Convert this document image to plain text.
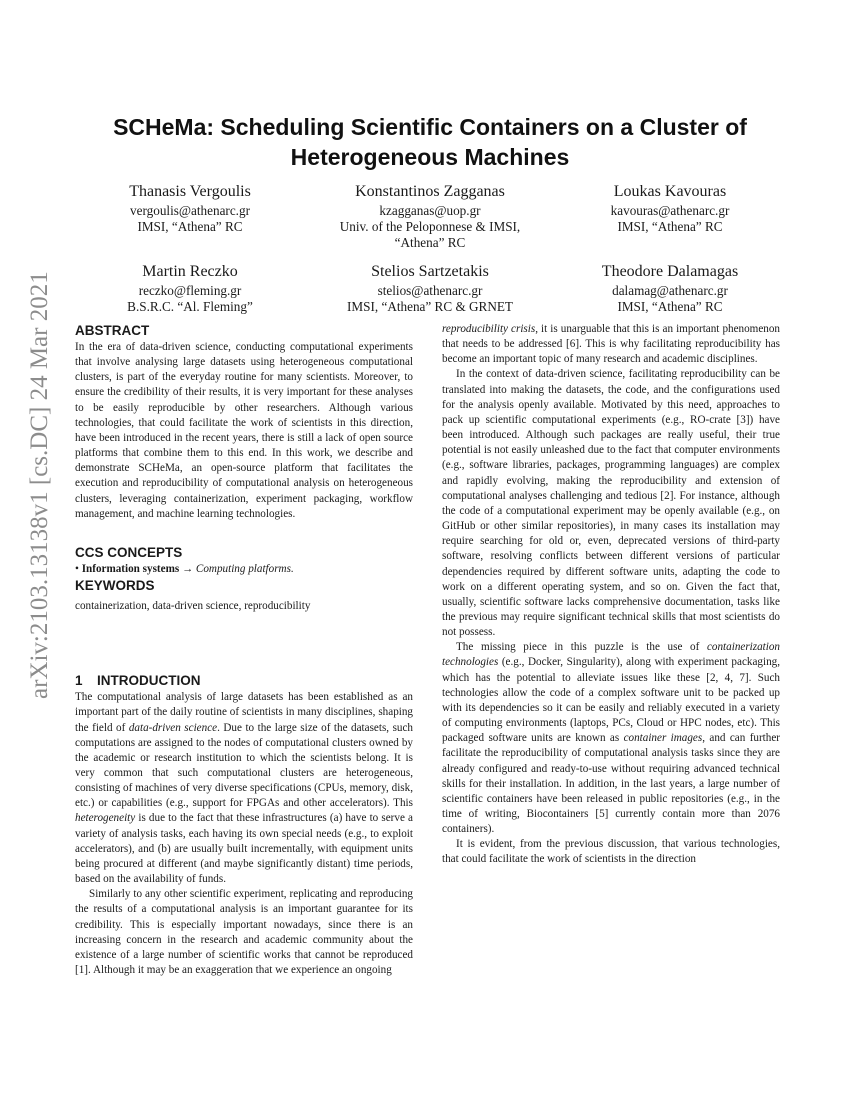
arXiv:2103.13138v1 [cs.DC] 24 Mar 2021
SCHeMa: Scheduling Scientific Containers on a Cluster of Heterogeneous Machines
Thanasis Vergoulis
vergoulis@athenarc.gr
IMSI, “Athena” RC
Konstantinos Zagganas
kzagganas@uop.gr
Univ. of the Peloponnese & IMSI, “Athena” RC
Loukas Kavouras
kavouras@athenarc.gr
IMSI, “Athena” RC
Martin Reczko
reczko@fleming.gr
B.S.R.C. “Al. Fleming”
Stelios Sartzetakis
stelios@athenarc.gr
IMSI, “Athena” RC & GRNET
Theodore Dalamagas
dalamag@athenarc.gr
IMSI, “Athena” RC
ABSTRACT

In the era of data-driven science, conducting computational experiments that involve analysing large datasets using heterogeneous computational clusters, is part of the everyday routine for many scientists. Moreover, to ensure the credibility of their results, it is very important for these analyses to be easily reproducible by other researchers. Although various technologies, that could facilitate the work of scientists in this direction, have been introduced in the recent years, there is still a lack of open source platforms that combine them to this end. In this work, we describe and demonstrate SCHeMa, an open-source platform that facilitates the execution and reproducibility of computational analysis on heterogeneous clusters, leveraging containerization, experiment packaging, workflow management, and machine learning technologies.

CCS CONCEPTS

• Information systems → Computing platforms.

KEYWORDS

containerization, data-driven science, reproducibility

1 INTRODUCTION

The computational analysis of large datasets has been established as an important part of the daily routine of scientists in many disciplines, shaping the field of data-driven science. Due to the large size of the datasets, such computations are assigned to the nodes of computational clusters owned by the academic or research institution to which the scientists belong. It is very common that such computational clusters are heterogeneous, consisting of machines of very diverse specifications (CPUs, memory, disk, etc.) or capabilities (e.g., support for FPGAs and other accelerators). This heterogeneity is due to the fact that these infrastructures (a) have to serve a variety of analysis tasks, each having its own special needs (e.g., to exploit accelerators), and (b) are usually built incrementally, with equipment units being procured at different (and maybe significantly distant) time periods, based on the availability of funds.

Similarly to any other scientific experiment, replicating and reproducing the results of a computational analysis is an important guarantee for its credibility. This is especially important nowadays, since there is an increasing concern in the research and academic community about the existence of a large number of scientific works that cannot be reproduced [1]. Although it may be an exaggeration that we experience an ongoing

reproducibility crisis, it is unarguable that this is an important phenomenon that needs to be addressed [6]. This is why facilitating reproducibility has become an important topic of many research and academic disciplines.

In the context of data-driven science, facilitating reproducibility can be translated into making the datasets, the code, and the configurations used for the analysis openly available. Motivated by this need, approaches to pack up scientific computational experiments (e.g., RO-crate [3]) have been introduced. Although such packages are really useful, their true potential is not easily unleashed due to the fact that computer environments (e.g., software libraries, packages, programming languages) are complex and rapidly evolving, making the reproducibility and extension of computational analyses challenging and tedious [2]. For instance, although the code of a computational experiment may be openly available (e.g., on GitHub or other similar repositories), in many cases its installation may require searching for old or, even, deprecated versions of third-party software, resolving conflicts between different versions of particular dependencies required by different software units, adapting the code to work on a different operating system, and so on. Given the fact that, usually, scientific software lacks comprehensive documentation, tasks like the previous may require significant technical skills that most scientists do not possess.

The missing piece in this puzzle is the use of containerization technologies (e.g., Docker, Singularity), along with experiment packaging, which has the potential to alleviate issues like these [2, 4, 7]. Such technologies allow the code of a complex software unit to be packed up with its dependencies so it can be easily and reliably executed in a variety of computing environments (laptops, PCs, Cloud or HPC nodes, etc). This packaged software units are known as container images, and can further facilitate the reproducibility of computational analysis tasks since they are already configured and ready-to-use without requiring advanced technical skills for their installation. In addition, in the last years, a large number of scientific containers have been released in public repositories (e.g., in the time of writing, Biocontainers [5] currently contain more than 2076 containers).

It is evident, from the previous discussion, that various technologies, that could facilitate the work of scientists in the direction
